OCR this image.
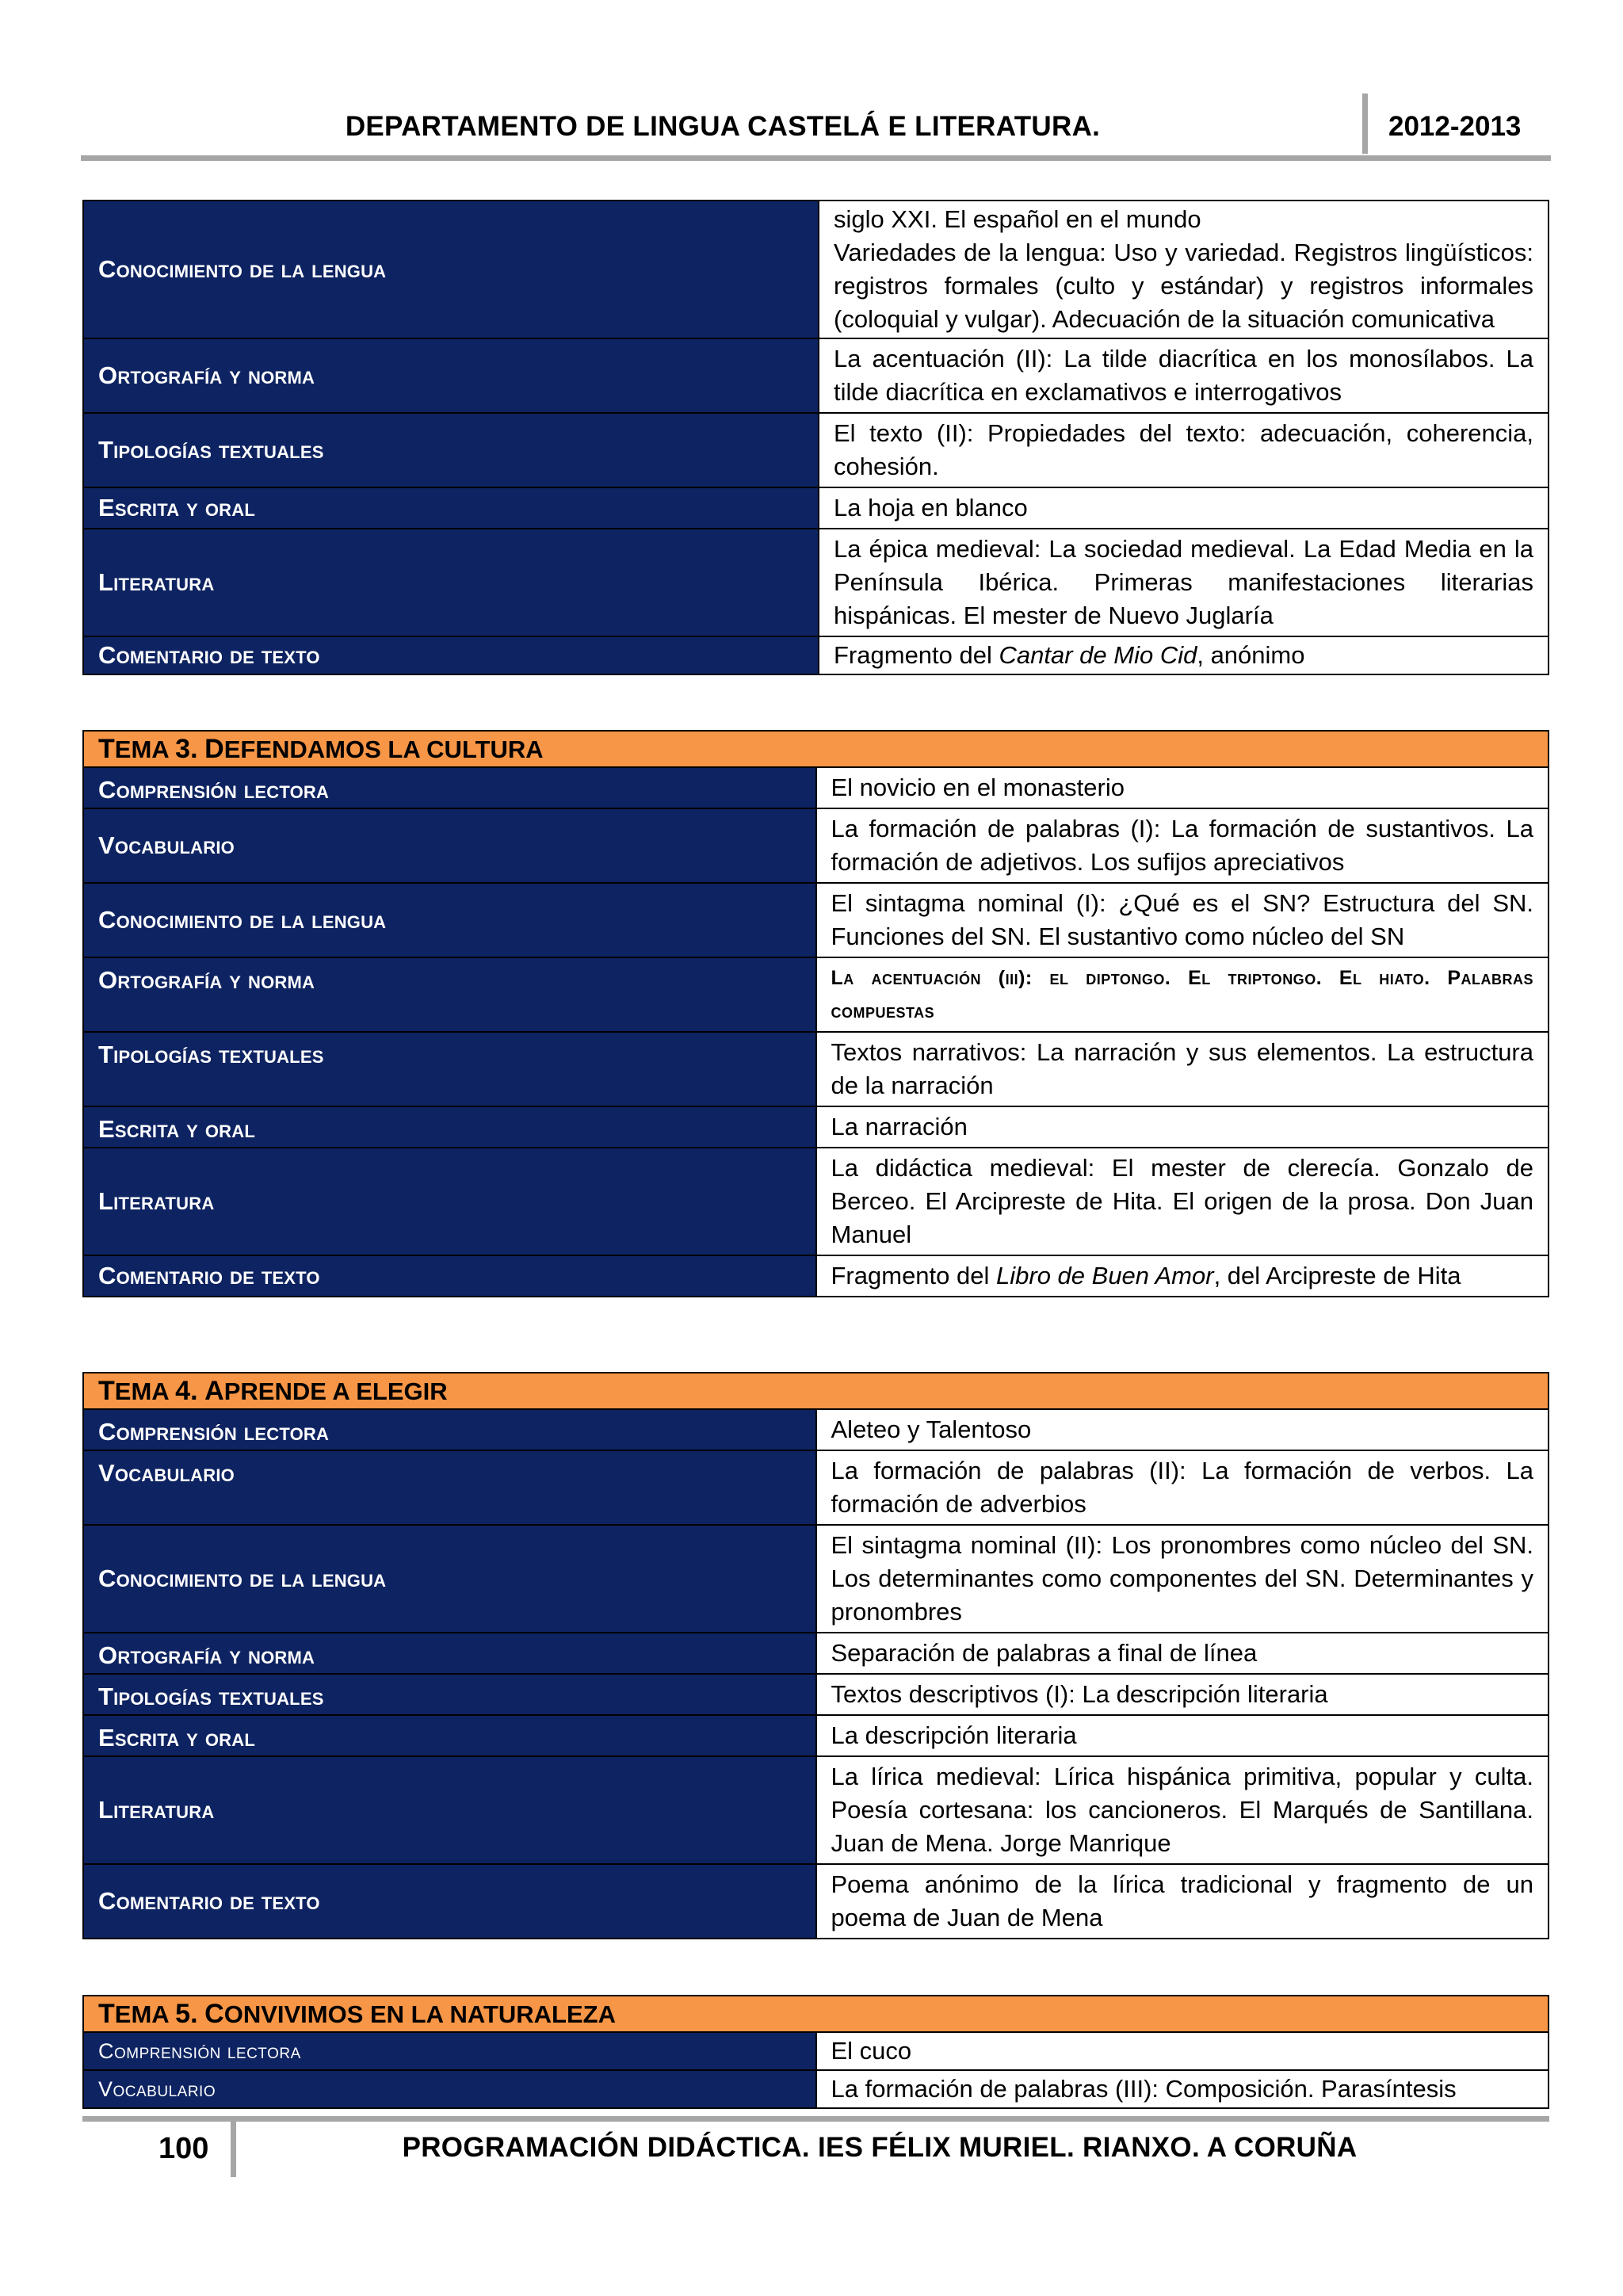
DEPARTAMENTO DE LINGUA CASTELÁ E LITERATURA.	2012-2013
Conocimiento de la lengua	siglo XXI. El español en el mundo
Variedades de la lengua: Uso y variedad. Registros lingüísticos: registros formales (culto y estándar) y registros informales (coloquial y vulgar). Adecuación de la situación comunicativa

Ortografía y norma	La acentuación (II): La tilde diacrítica en los monosílabos. La tilde diacrítica en exclamativos e interrogativos
Tipologías textuales	El texto (II): Propiedades del texto: adecuación, coherencia, cohesión.
Escrita y oral	La hoja en blanco
Literatura	La épica medieval: La sociedad medieval. La Edad Media en la Península Ibérica. Primeras manifestaciones literarias hispánicas. El mester de Nuevo Juglaría
Comentario de texto	Fragmento del Cantar de Mio Cid, anónimo
TEMA 3. DEFENDAMOS LA CULTURA	
Comprensión lectora	El novicio en el monasterio
Vocabulario	La formación de palabras (I): La formación de sustantivos. La formación de adjetivos. Los sufijos apreciativos
Conocimiento de la lengua	El sintagma nominal (I): ¿Qué es el SN? Estructura del SN. Funciones del SN. El sustantivo como núcleo del SN
Ortografía y norma	La acentuación (iii): el diptongo. El triptongo. El hiato. Palabras compuestas
Tipologías textuales	Textos narrativos: La narración y sus elementos. La estructura de la narración
Escrita y oral	La narración
Literatura	La didáctica medieval: El mester de clerecía. Gonzalo de Berceo. El Arcipreste de Hita. El origen de la prosa. Don Juan Manuel
Comentario de texto	Fragmento del Libro de Buen Amor, del Arcipreste de Hita
TEMA 4. APRENDE A ELEGIR	
Comprensión lectora	Aleteo y Talentoso
Vocabulario	La formación de palabras (II): La formación de verbos. La formación de adverbios
Conocimiento de la lengua	El sintagma nominal (II): Los pronombres como núcleo del SN. Los determinantes como componentes del SN. Determinantes y pronombres
Ortografía y norma	Separación de palabras a final de línea
Tipologías textuales	Textos descriptivos (I): La descripción literaria
Escrita y oral	La descripción literaria
Literatura	La lírica medieval: Lírica hispánica primitiva, popular y culta. Poesía cortesana: los cancioneros. El Marqués de Santillana. Juan de Mena. Jorge Manrique
Comentario de texto	Poema anónimo de la lírica tradicional y fragmento de un poema de Juan de Mena
TEMA 5. CONVIVIMOS EN LA NATURALEZA	
Comprensión lectora	El cuco
Vocabulario	La formación de palabras (III): Composición. Parasíntesis
100	PROGRAMACIÓN DIDÁCTICA. IES FÉLIX MURIEL. RIANXO. A CORUÑA
